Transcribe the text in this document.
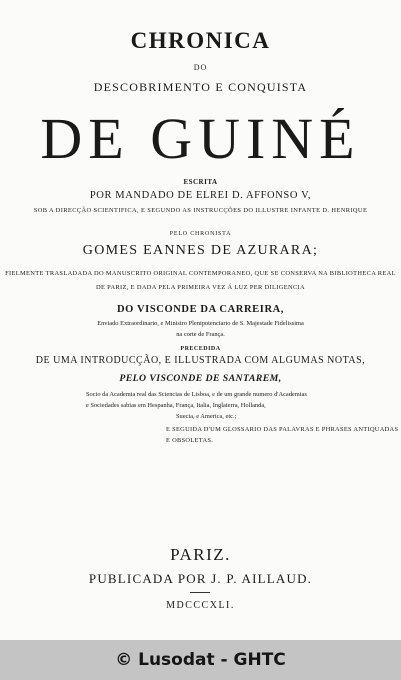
CHRONICA
DO
DESCOBRIMENTO E CONQUISTA
DE GUINÉ
ESCRITA
POR MANDADO DE ELREI D. AFFONSO V,
SOB A DIRECÇÃO SCIENTIFICA, E SEGUNDO AS INSTRUCÇÕES DO ILLUSTRE INFANTE D. HENRIQUE
PELO CHRONISTA
GOMES EANNES DE AZURARA;
FIELMENTE TRASLADADA DO MANUSCRITO ORIGINAL CONTEMPORANEO, QUE SE CONSERVA NA BIBLIOTHECA REAL
DE PARIZ, E DADA PELA PRIMEIRA VEZ Á LUZ PER DILIGENCIA
DO VISCONDE DA CARREIRA,
Enviado Extraordinario, e Ministro Plenipotenciario de S. Majestade Fidelissima
na corte de França.
PRECEDIDA
DE UMA INTRODUCÇÃO, E ILLUSTRADA COM ALGUMAS NOTAS,
PELO VISCONDE DE SANTAREM,
Socio da Academia real das Sciencias de Lisboa, e de um grande numero d'Academias
e Sociedades sabias em Hespanha, França, Italia, Inglaterra, Hollanda,
Suecia, e America, etc.;
E SEGUIDA D'UM GLOSSARIO DAS PALAVRAS E PHRASES ANTIQUADAS
E OBSOLETAS.
PARIZ.
PUBLICADA POR J. P. AILLAUD.
MDCCCXLI.
© Lusodat - GHTC
